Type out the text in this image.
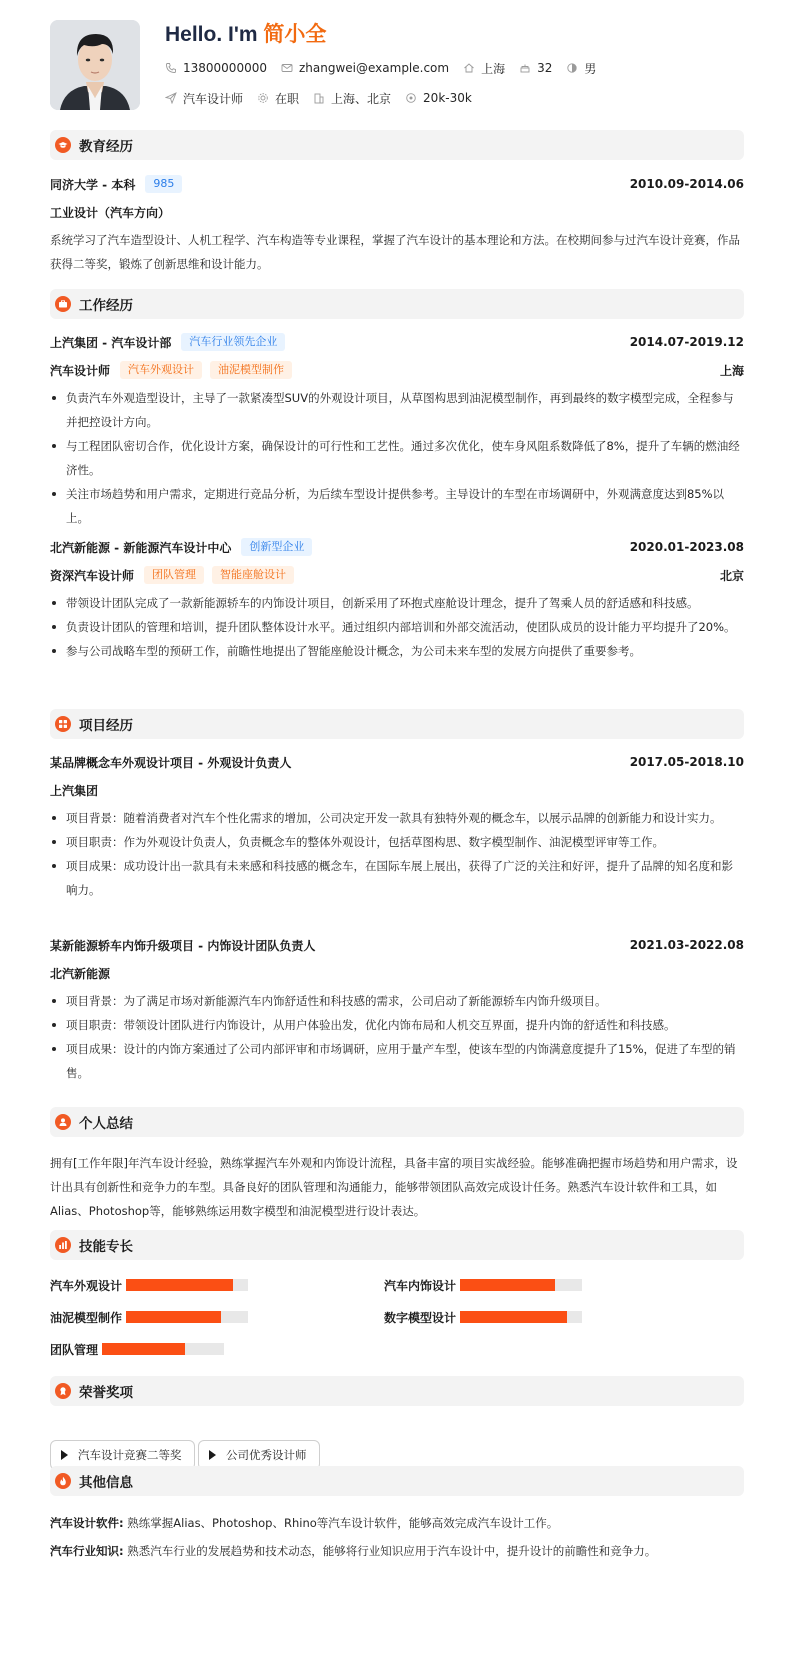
Hello. I'm 简小全
13800000000	zhangwei@example.com	上海	32	男
汽车设计师	在职	上海、北京	20k-30k
教育经历
同济大学 - 本科	985	2010.09-2014.06
工业设计（汽车方向）
系统学习了汽车造型设计、人机工程学、汽车构造等专业课程，掌握了汽车设计的基本理论和方法。在校期间参与过汽车设计竞赛，作品获得二等奖，锻炼了创新思维和设计能力。
工作经历
上汽集团 - 汽车设计部	汽车行业领先企业	2014.07-2019.12
汽车设计师	汽车外观设计	油泥模型制作	上海
负责汽车外观造型设计，主导了一款紧凑型SUV的外观设计项目，从草图构思到油泥模型制作，再到最终的数字模型完成，全程参与并把控设计方向。
与工程团队密切合作，优化设计方案，确保设计的可行性和工艺性。通过多次优化，使车身风阻系数降低了8%，提升了车辆的燃油经济性。
关注市场趋势和用户需求，定期进行竞品分析，为后续车型设计提供参考。主导设计的车型在市场调研中，外观满意度达到85%以上。
北汽新能源 - 新能源汽车设计中心	创新型企业	2020.01-2023.08
资深汽车设计师	团队管理	智能座舱设计	北京
带领设计团队完成了一款新能源轿车的内饰设计项目，创新采用了环抱式座舱设计理念，提升了驾乘人员的舒适感和科技感。
负责设计团队的管理和培训，提升团队整体设计水平。通过组织内部培训和外部交流活动，使团队成员的设计能力平均提升了20%。
参与公司战略车型的预研工作，前瞻性地提出了智能座舱设计概念，为公司未来车型的发展方向提供了重要参考。
项目经历
某品牌概念车外观设计项目 - 外观设计负责人	2017.05-2018.10
上汽集团
项目背景：随着消费者对汽车个性化需求的增加，公司决定开发一款具有独特外观的概念车，以展示品牌的创新能力和设计实力。
项目职责：作为外观设计负责人，负责概念车的整体外观设计，包括草图构思、数字模型制作、油泥模型评审等工作。
项目成果：成功设计出一款具有未来感和科技感的概念车，在国际车展上展出，获得了广泛的关注和好评，提升了品牌的知名度和影响力。
某新能源轿车内饰升级项目 - 内饰设计团队负责人	2021.03-2022.08
北汽新能源
项目背景：为了满足市场对新能源汽车内饰舒适性和科技感的需求，公司启动了新能源轿车内饰升级项目。
项目职责：带领设计团队进行内饰设计，从用户体验出发，优化内饰布局和人机交互界面，提升内饰的舒适性和科技感。
项目成果：设计的内饰方案通过了公司内部评审和市场调研，应用于量产车型，使该车型的内饰满意度提升了15%，促进了车型的销售。
个人总结
拥有[工作年限]年汽车设计经验，熟练掌握汽车外观和内饰设计流程，具备丰富的项目实战经验。能够准确把握市场趋势和用户需求，设计出具有创新性和竞争力的车型。具备良好的团队管理和沟通能力，能够带领团队高效完成设计任务。熟悉汽车设计软件和工具，如Alias、Photoshop等，能够熟练运用数字模型和油泥模型进行设计表达。
技能专长
汽车外观设计	汽车内饰设计
油泥模型制作	数字模型设计
团队管理
荣誉奖项
汽车设计竞赛二等奖	公司优秀设计师
其他信息
汽车设计软件: 熟练掌握Alias、Photoshop、Rhino等汽车设计软件，能够高效完成汽车设计工作。
汽车行业知识: 熟悉汽车行业的发展趋势和技术动态，能够将行业知识应用于汽车设计中，提升设计的前瞻性和竞争力。
